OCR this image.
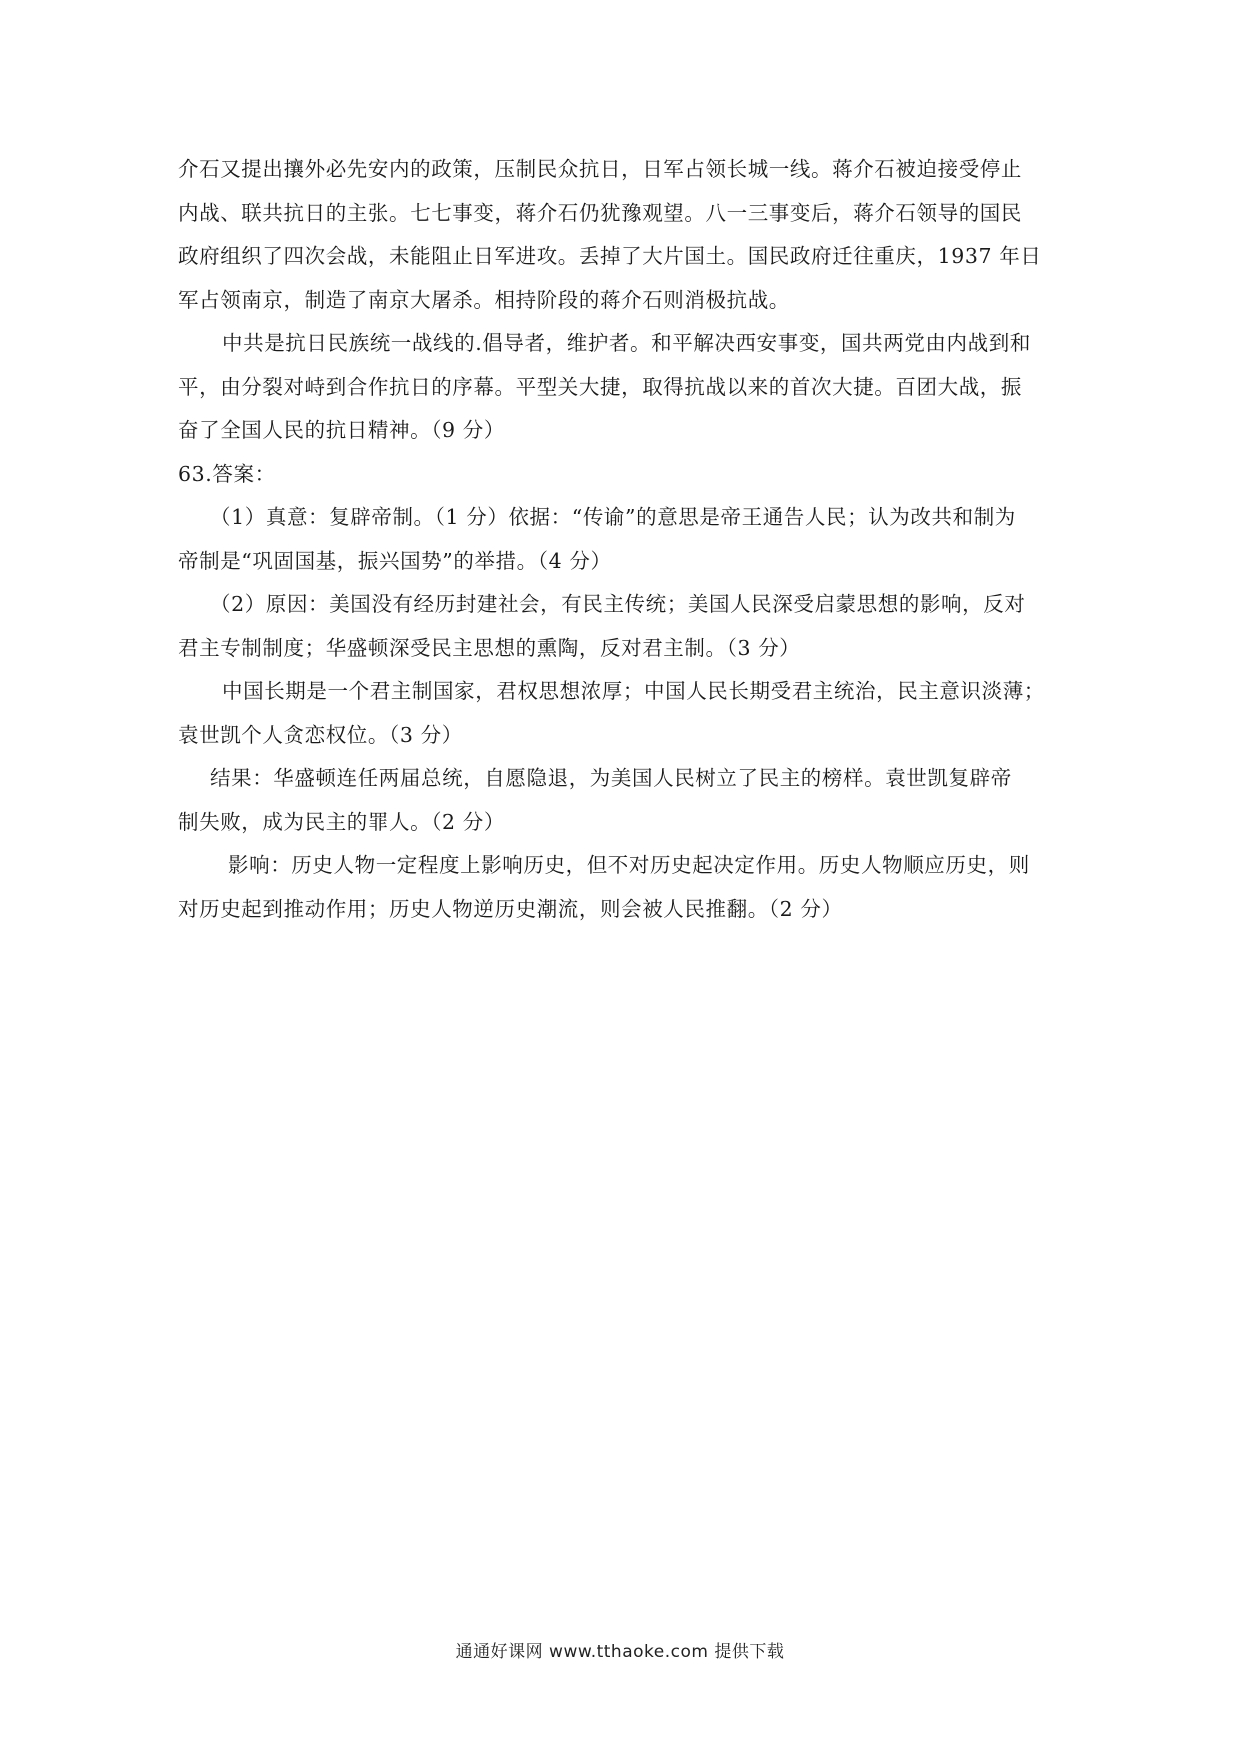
介石又提出攘外必先安内的政策，压制民众抗日，日军占领长城一线。蒋介石被迫接受停止
内战、联共抗日的主张。七七事变，蒋介石仍犹豫观望。八一三事变后，蒋介石领导的国民
政府组织了四次会战，未能阻止日军进攻。丢掉了大片国土。国民政府迁往重庆，1937 年日
军占领南京，制造了南京大屠杀。相持阶段的蒋介石则消极抗战。
中共是抗日民族统一战线的.倡导者，维护者。和平解决西安事变，国共两党由内战到和
平，由分裂对峙到合作抗日的序幕。平型关大捷，取得抗战以来的首次大捷。百团大战，振
奋了全国人民的抗日精神。（9 分）
63.答案：
（1）真意：复辟帝制。（1 分）依据：“传谕”的意思是帝王通告人民；认为改共和制为
帝制是“巩固国基，振兴国势”的举措。（4 分）
（2）原因：美国没有经历封建社会，有民主传统；美国人民深受启蒙思想的影响，反对
君主专制制度；华盛顿深受民主思想的熏陶，反对君主制。（3 分）
中国长期是一个君主制国家，君权思想浓厚；中国人民长期受君主统治，民主意识淡薄；
袁世凯个人贪恋权位。（3 分）
结果：华盛顿连任两届总统，自愿隐退，为美国人民树立了民主的榜样。袁世凯复辟帝
制失败，成为民主的罪人。（2 分）
影响：历史人物一定程度上影响历史，但不对历史起决定作用。历史人物顺应历史，则
对历史起到推动作用；历史人物逆历史潮流，则会被人民推翻。（2 分）
通通好课网 www.tthaoke.com 提供下载
